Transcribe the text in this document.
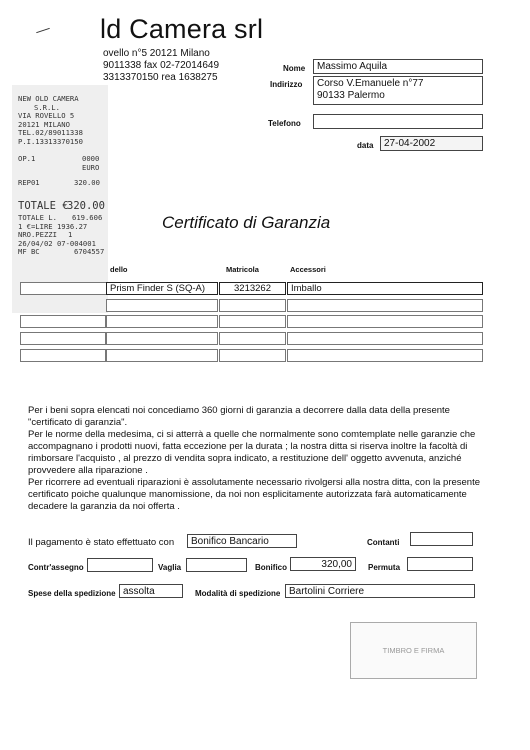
ld Camera srl
ovello n°5 20121 Milano
9011338 fax 02-72014649
3313370150 rea 1638275
Nome	Massimo Aquila
Indirizzo Corso V.Emanuele n°77
90133 Palermo
Telefono
data	27-04-2002
NEW OLD CAMERA
S.R.L.
VIA ROVELLO 5
20121 MILANO
TEL.02/89011338
P.I.13313370150
OP.1	0000
EURO
REP01	320.00
TOTALE €
320.00
TOTALE L. 619.606
1 €=LIRE 1936.27
NRO.PEZZI 1
26/04/02 07-004001
MF BC	6704557
Certificato di Garanzia
dello	Matricola	Accessori
Prism Finder S (SQ-A)	3213262	Imballo

Per i beni sopra elencati noi concediamo 360 giorni di garanzia a decorrere dalla data della presente "certificato di garanzia".

Per le norme della medesima, ci si atterrà a quelle che normalmente sono comtemplate nelle garanzie che accompagnano i prodotti nuovi, fatta eccezione per la durata ; la nostra ditta si riserva inoltre la facoltà di rimborsare l'acquisto , al prezzo di vendita sopra indicato, a restituzione dell' oggetto avvenuta, anziché provvedere alla riparazione .

Per ricorrere ad eventuali riparazioni è assolutamente necessario rivolgersi alla nostra ditta, con la presente certificato poiche qualunque manomissione, da noi non esplicitamente autorizzata farà automaticamente decadere la garanzia da noi offerta .

Il pagamento è stato effettuato con	Bonifico Bancario	Contanti
Contr'assegno	Vaglia	Bonifico	320,00	Permuta
Spese della spedizione assolta	Modalità di spedizione Bartolini Corriere
TIMBRO E FIRMA
